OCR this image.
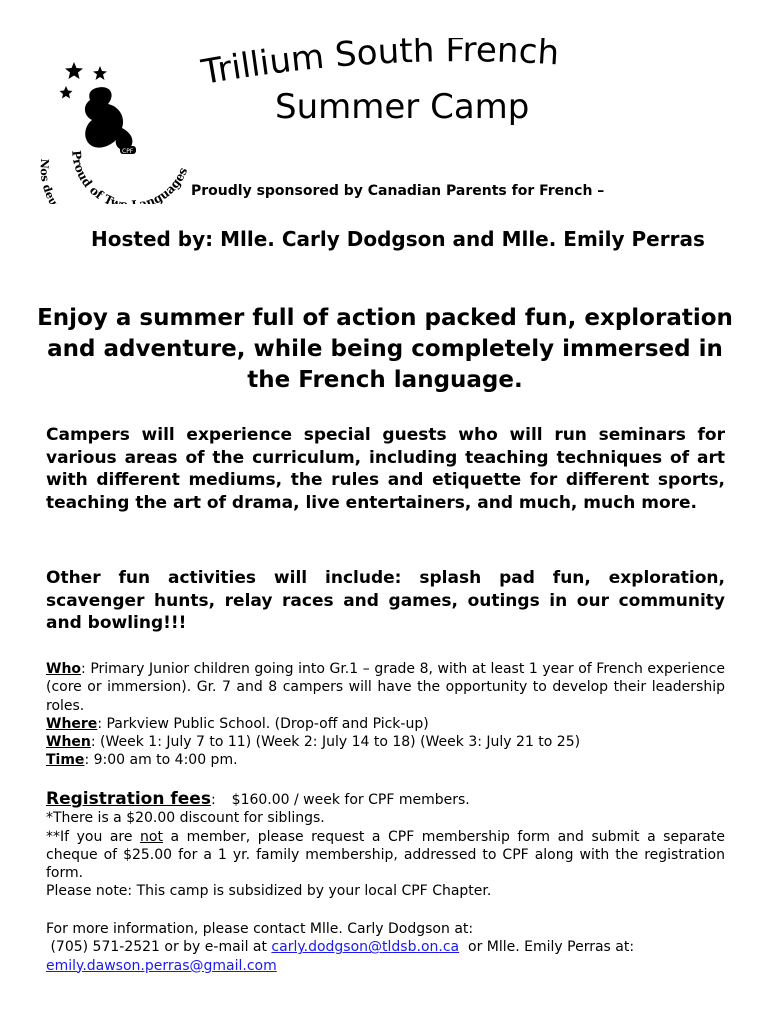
CPF
Proud of Tw anguages
Nos deu
Trillium South French
Summer Camp
Proudly sponsored by Canadian Parents for French –
Hosted by: Mlle. Carly Dodgson and Mlle. Emily Perras
Enjoy a summer full of action packed fun, exploration and adventure, while being completely immersed in the French language.
Campers will experience special guests who will run seminars for various areas of the curriculum, including teaching techniques of art with different mediums, the rules and etiquette for different sports, teaching the art of drama, live entertainers, and much, much more.
Other fun activities will include: splash pad fun, exploration, scavenger hunts, relay races and games, outings in our community and bowling!!!
Who: Primary Junior children going into Gr.1 – grade 8, with at least 1 year of French experience (core or immersion). Gr. 7 and 8 campers will have the opportunity to develop their leadership roles.
Where: Parkview Public School. (Drop-off and Pick-up)
When: (Week 1: July 7 to 11) (Week 2: July 14 to 18) (Week 3: July 21 to 25)
Time: 9:00 am to 4:00 pm.
Registration fees: $160.00 / week for CPF members.
*There is a $20.00 discount for siblings.
**If you are not a member, please request a CPF membership form and submit a separate cheque of $25.00 for a 1 yr. family membership, addressed to CPF along with the registration form.
Please note: This camp is subsidized by your local CPF Chapter.
For more information, please contact Mlle. Carly Dodgson at:
(705) 571-2521 or by e-mail at carly.dodgson@tldsb.on.ca  or Mlle. Emily Perras at:
emily.dawson.perras@gmail.com
